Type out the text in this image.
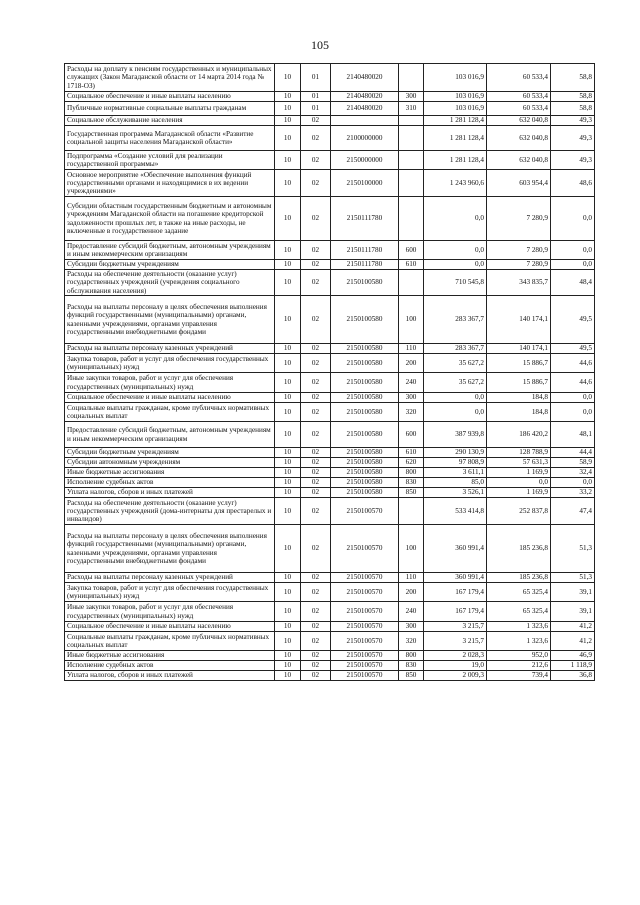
105
Расходы на доплату к пенсиям государственных и муниципальных служащих (Закон Магаданской области от 14 марта 2014 года № 1718-ОЗ)	10	01	2140480020		103 016,9	60 533,4	58,8
Социальное обеспечение и иные выплаты населению	10	01	2140480020	300	103 016,9	60 533,4	58,8
Публичные нормативные социальные выплаты гражданам	10	01	2140480020	310	103 016,9	60 533,4	58,8
Социальное обслуживание населения	10	02			1 281 128,4	632 040,8	49,3
Государственная программа Магаданской области «Развитие социальной защиты населения Магаданской области»	10	02	2100000000		1 281 128,4	632 040,8	49,3
Подпрограмма «Создание условий для реализации государственной программы»	10	02	2150000000		1 281 128,4	632 040,8	49,3
Основное мероприятие «Обеспечение выполнения функций государственными органами и находящимися в их ведении учреждениями»	10	02	2150100000		1 243 960,6	603 954,4	48,6
Субсидии областным государственным бюджетным и автономным учреждениям Магаданской области на погашение кредиторской задолженности прошлых лет, в также на иные расходы, не включенные в государственное задание	10	02	2150111780		0,0	7 280,9	0,0
Предоставление субсидий бюджетным, автономным учреждениям и иным некоммерческим организациям	10	02	2150111780	600	0,0	7 280,9	0,0
Субсидии бюджетным учреждениям	10	02	2150111780	610	0,0	7 280,9	0,0
Расходы на обеспечение деятельности (оказание услуг) государственных учреждений (учреждения социального обслуживания населения)	10	02	2150100580		710 545,8	343 835,7	48,4
Расходы на выплаты персоналу в целях обеспечения выполнения функций государственными (муниципальными) органами, казенными учреждениями, органами управления государственными внебюджетными фондами	10	02	2150100580	100	283 367,7	140 174,1	49,5
Расходы на выплаты персоналу казенных учреждений	10	02	2150100580	110	283 367,7	140 174,1	49,5
Закупка товаров, работ и услуг для обеспечения государственных (муниципальных) нужд	10	02	2150100580	200	35 627,2	15 886,7	44,6
Иные закупки товаров, работ и услуг для обеспечения государственных (муниципальных) нужд	10	02	2150100580	240	35 627,2	15 886,7	44,6
Социальное обеспечение и иные выплаты населению	10	02	2150100580	300	0,0	184,8	0,0
Социальные выплаты гражданам, кроме публичных нормативных социальных выплат	10	02	2150100580	320	0,0	184,8	0,0
Предоставление субсидий бюджетным, автономным учреждениям и иным некоммерческим организациям	10	02	2150100580	600	387 939,8	186 420,2	48,1
Субсидии бюджетным учреждениям	10	02	2150100580	610	290 130,9	128 788,9	44,4
Субсидии автономным учреждениям	10	02	2150100580	620	97 808,9	57 631,3	58,9
Иные бюджетные ассигнования	10	02	2150100580	800	3 611,1	1 169,9	32,4
Исполнение судебных актов	10	02	2150100580	830	85,0	0,0	0,0
Уплата налогов, сборов и иных платежей	10	02	2150100580	850	3 526,1	1 169,9	33,2
Расходы на обеспечение деятельности (оказание услуг) государственных учреждений (дома-интернаты для престарелых и инвалидов)	10	02	2150100570		533 414,8	252 837,8	47,4
Расходы на выплаты персоналу в целях обеспечения выполнения функций государственными (муниципальными) органами, казенными учреждениями, органами управления государственными внебюджетными фондами	10	02	2150100570	100	360 991,4	185 236,8	51,3
Расходы на выплаты персоналу казенных учреждений	10	02	2150100570	110	360 991,4	185 236,8	51,3
Закупка товаров, работ и услуг для обеспечения государственных (муниципальных) нужд	10	02	2150100570	200	167 179,4	65 325,4	39,1
Иные закупки товаров, работ и услуг для обеспечения государственных (муниципальных) нужд	10	02	2150100570	240	167 179,4	65 325,4	39,1
Социальное обеспечение и иные выплаты населению	10	02	2150100570	300	3 215,7	1 323,6	41,2
Социальные выплаты гражданам, кроме публичных нормативных социальных выплат	10	02	2150100570	320	3 215,7	1 323,6	41,2
Иные бюджетные ассигнования	10	02	2150100570	800	2 028,3	952,0	46,9
Исполнение судебных актов	10	02	2150100570	830	19,0	212,6	1 118,9
Уплата налогов, сборов и иных платежей	10	02	2150100570	850	2 009,3	739,4	36,8
